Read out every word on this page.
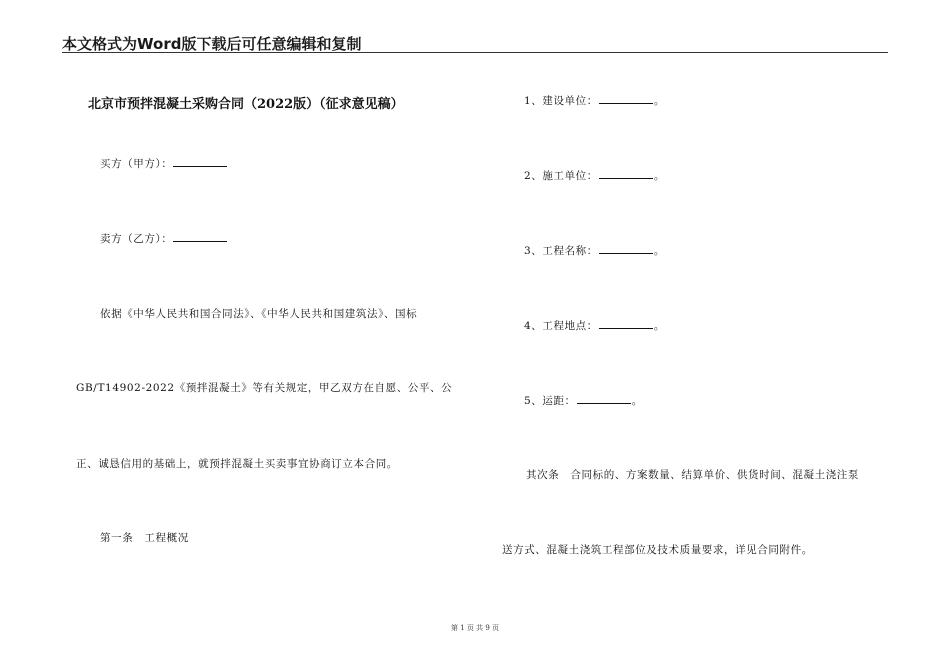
本文格式为Word版下载后可任意编辑和复制
北京市预拌混凝土采购合同（2022版）（征求意见稿）
买方（甲方）：
卖方（乙方）：
依据《中华人民共和国合同法》、《中华人民共和国建筑法》、国标
GB/T14902-2022《预拌混凝土》等有关规定，甲乙双方在自愿、公平、公
正、诚恳信用的基础上，就预拌混凝土买卖事宜协商订立本合同。
第一条　工程概况
1、建设单位：	。
2、施工单位：	。
3、工程名称：	。
4、工程地点：	。
5、运距：	。
其次条　合同标的、方案数量、结算单价、供货时间、混凝土浇注泵
送方式、混凝土浇筑工程部位及技术质量要求，详见合同附件。
第 1 页 共 9 页
